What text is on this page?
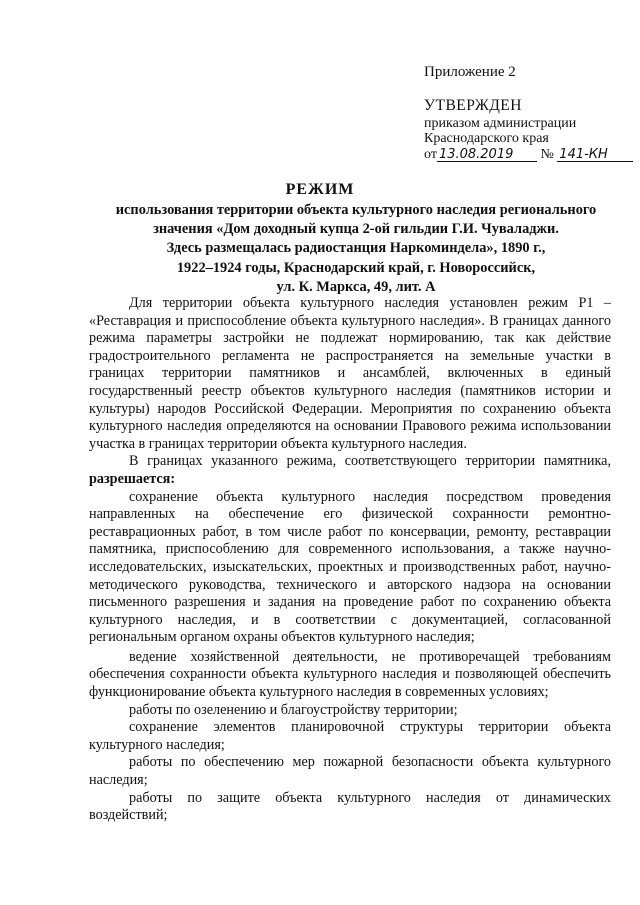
Приложение 2
УТВЕРЖДЕН
приказом администрации
Краснодарского края
от 13.08.2019 № 141-КН
РЕЖИМ
использования территории объекта культурного наследия регионального
значения «Дом доходный купца 2-ой гильдии Г.И. Чуваладжи.
Здесь размещалась радиостанция Наркоминдела», 1890 г.,
1922–1924 годы, Краснодарский край, г. Новороссийск,
ул. К. Маркса, 49, лит. А

Для территории объекта культурного наследия установлен режим Р1 – «Реставрация и приспособление объекта культурного наследия». В границах данного режима параметры застройки не подлежат нормированию, так как действие градостроительного регламента не распространяется на земельные участки в границах территории памятников и ансамблей, включенных в единый государственный реестр объектов культурного наследия (памятников истории и культуры) народов Российской Федерации. Мероприятия по сохранению объекта культурного наследия определяются на основании Правового режима использовании участка в границах территории объекта культурного наследия.

В границах указанного режима, соответствующего территории памятника, разрешается:

сохранение объекта культурного наследия посредством проведения направленных на обеспечение его физической сохранности ремонтно-реставрационных работ, в том числе работ по консервации, ремонту, реставрации памятника, приспособлению для современного использования, а также научно-исследовательских, изыскательских, проектных и производственных работ, научно-методического руководства, технического и авторского надзора на основании письменного разрешения и задания на проведение работ по сохранению объекта культурного наследия, и в соответствии с документацией, согласованной региональным органом охраны объектов культурного наследия;

ведение хозяйственной деятельности, не противоречащей требованиям обеспечения сохранности объекта культурного наследия и позволяющей обеспечить функционирование объекта культурного наследия в современных условиях;

работы по озеленению и благоустройству территории;

сохранение элементов планировочной структуры территории объекта культурного наследия;

работы по обеспечению мер пожарной безопасности объекта культурного наследия;

работы по защите объекта культурного наследия от динамических воздействий;
